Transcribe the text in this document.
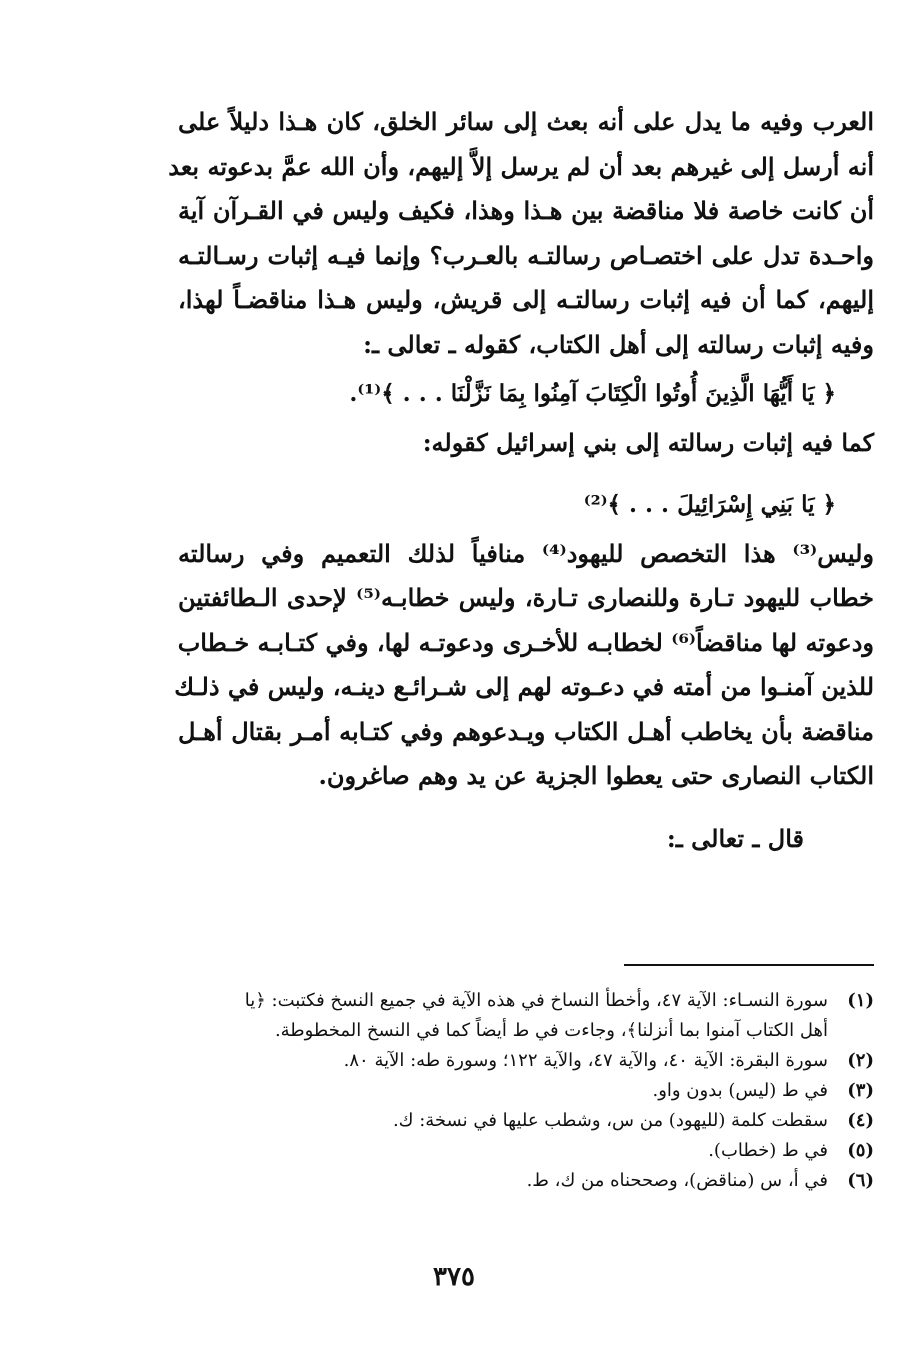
العرب وفيه ما يدل على أنه بعث إلى سائر الخلق، كان هـذا دليلاً على
أنه أرسل إلى غيرهم بعد أن لم يرسل إلاَّ إليهم، وأن الله عمَّ بدعوته بعد
أن كانت خاصة فلا مناقضة بين هـذا وهذا، فكيف وليس في القـرآن آية
واحـدة تدل على اختصـاص رسالتـه بالعـرب؟ وإنما فيـه إثبات رسـالتـه
إليهم، كما أن فيه إثبات رسالتـه إلى قريش، وليس هـذا مناقضـاً لهذا،
وفيه إثبات رسالته إلى أهل الكتاب، كقوله ـ تعالى ـ:
﴿ يَا أَيُّهَا الَّذِينَ أُوتُوا الْكِتَابَ آمِنُوا بِمَا نَزَّلْنَا . . . ﴾⁽¹⁾.
كما فيه إثبات رسالته إلى بني إسرائيل كقوله:
﴿ يَا بَنِي إِسْرَائِيلَ . . . ﴾⁽²⁾
وليس⁽³⁾ هذا التخصص لليهود⁽⁴⁾ منافياً لذلك التعميم وفي رسالته
خطاب لليهود تـارة وللنصارى تـارة، وليس خطابـه⁽⁵⁾ لإحدى الـطائفتين
ودعوته لها مناقضاً⁽⁶⁾ لخطابـه للأخـرى ودعوتـه لها، وفي كتـابـه خـطاب
للذين آمنـوا من أمته في دعـوته لهم إلى شـرائـع دينـه، وليس في ذلـك
مناقضة بأن يخاطب أهـل الكتاب ويـدعوهم وفي كتـابه أمـر بقتال أهـل
الكتاب النصارى حتى يعطوا الجزية عن يد وهم صاغرون.
قال ـ تعالى ـ:
(١)
سورة النسـاء: الآية ٤٧، وأخطأ النساخ في هذه الآية في جميع النسخ فكتبت: ﴿يا
أهل الكتاب آمنوا بما أنزلنا﴾، وجاءت في ط أيضاً كما في النسخ المخطوطة.
(٢)
سورة البقرة: الآية ٤٠، والآية ٤٧، والآية ١٢٢؛ وسورة طه: الآية ٨٠.
(٣)
في ط (ليس) بدون واو.
(٤)
سقطت كلمة (لليهود) من س، وشطب عليها في نسخة: ك.
(٥)
في ط (خطاب).
(٦)
في أ، س (مناقض)، وصححناه من ك، ط.
٣٧٥
